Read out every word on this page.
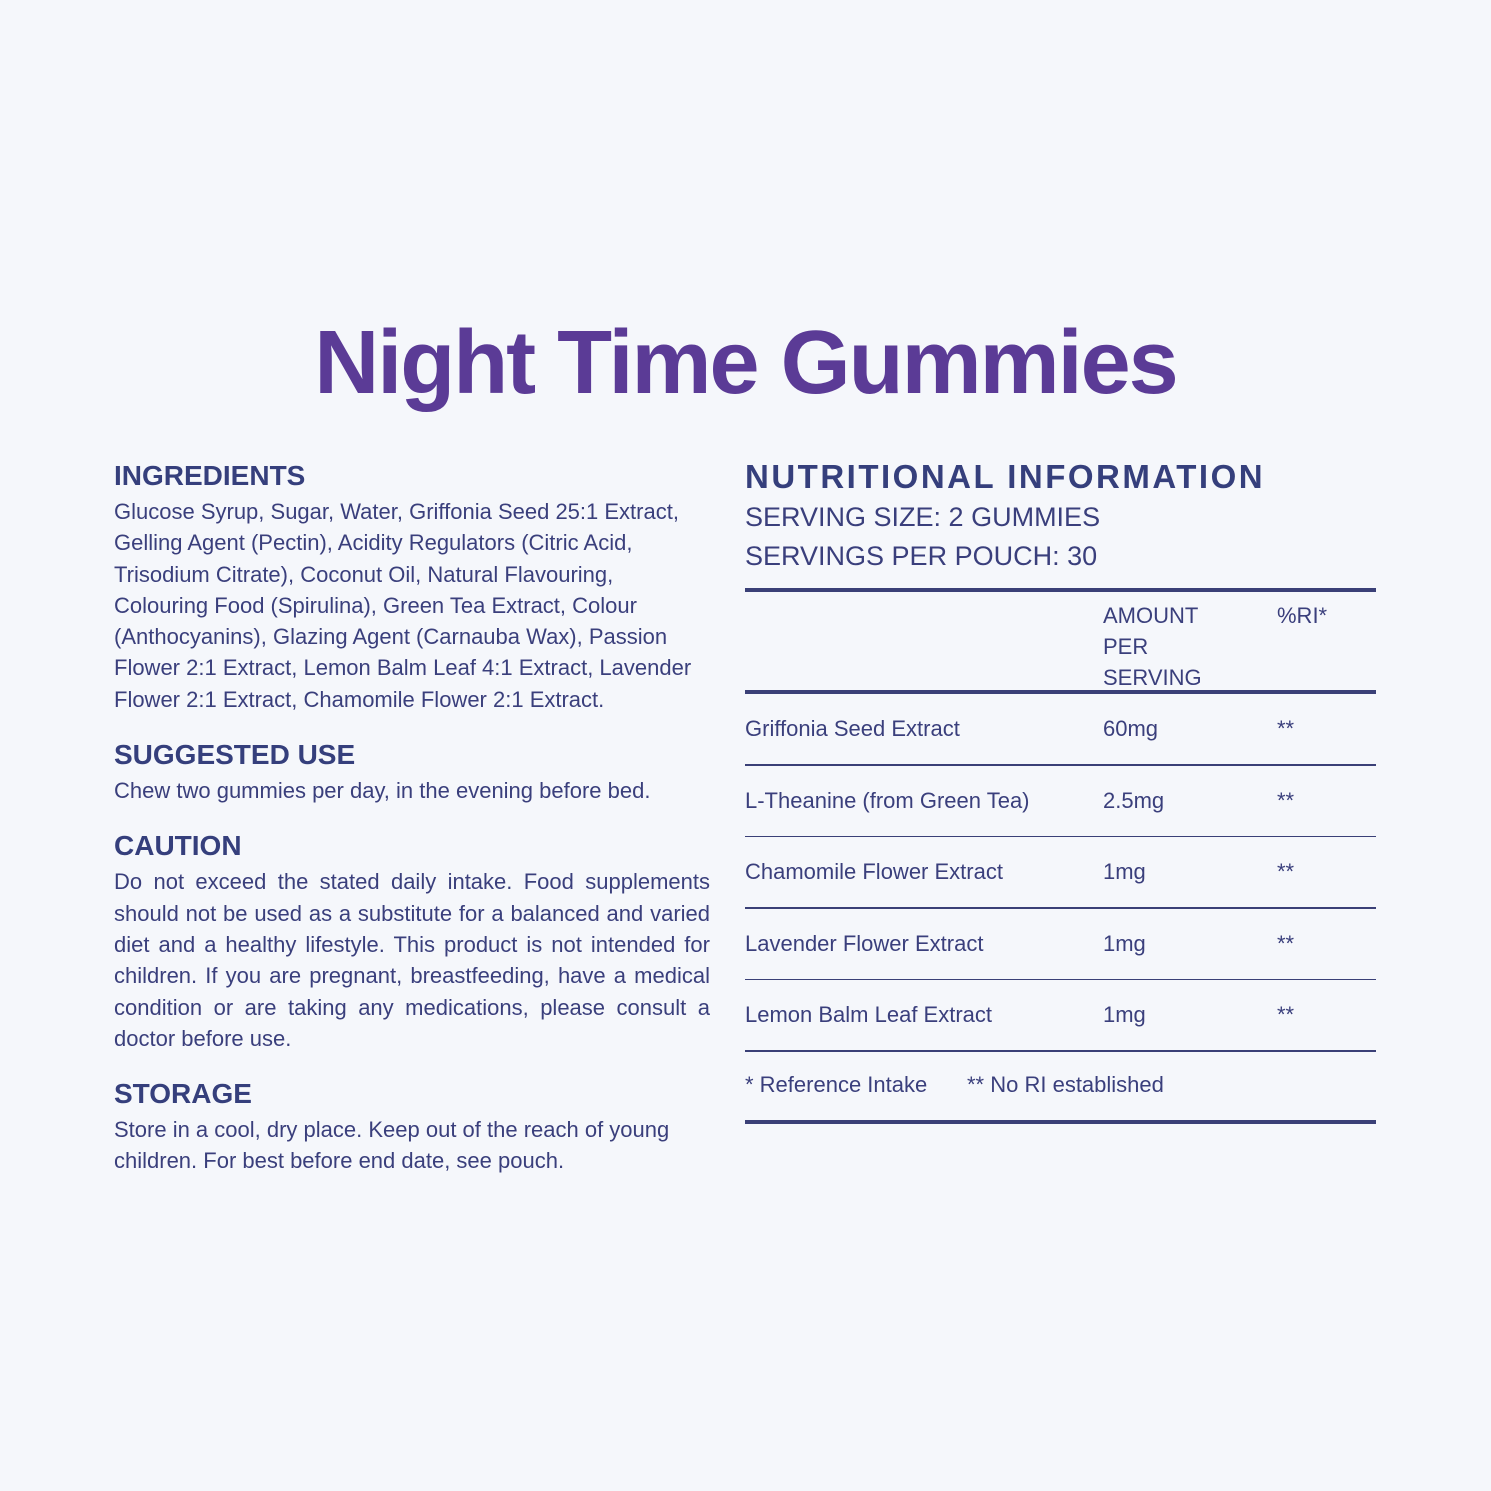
Night Time Gummies
INGREDIENTS

Glucose Syrup, Sugar, Water, Griffonia Seed 25:1 Extract, Gelling Agent (Pectin), Acidity Regulators (Citric Acid, Trisodium Citrate), Coconut Oil, Natural Flavouring, Colouring Food (Spirulina), Green Tea Extract, Colour (Anthocyanins), Glazing Agent (Carnauba Wax), Passion Flower 2:1 Extract, Lemon Balm Leaf 4:1 Extract, Lavender Flower 2:1 Extract, Chamomile Flower 2:1 Extract.

SUGGESTED USE

Chew two gummies per day, in the evening before bed.

CAUTION

Do not exceed the stated daily intake. Food supplements should not be used as a substitute for a balanced and varied diet and a healthy lifestyle. This product is not intended for children. If you are pregnant, breastfeeding, have a medical condition or are taking any medications, please consult a doctor before use.

STORAGE

Store in a cool, dry place. Keep out of the reach of young children. For best before end date, see pouch.

NUTRITIONAL INFORMATION

SERVING SIZE: 2 GUMMIES

SERVINGS PER POUCH: 30

AMOUNT PER SERVING
%RI*
Griffonia Seed Extract	60mg	**
L-Theanine (from Green Tea)	2.5mg	**
Chamomile Flower Extract	1mg	**
Lavender Flower Extract	1mg	**
Lemon Balm Leaf Extract	1mg	**
* Reference Intake ** No RI established
